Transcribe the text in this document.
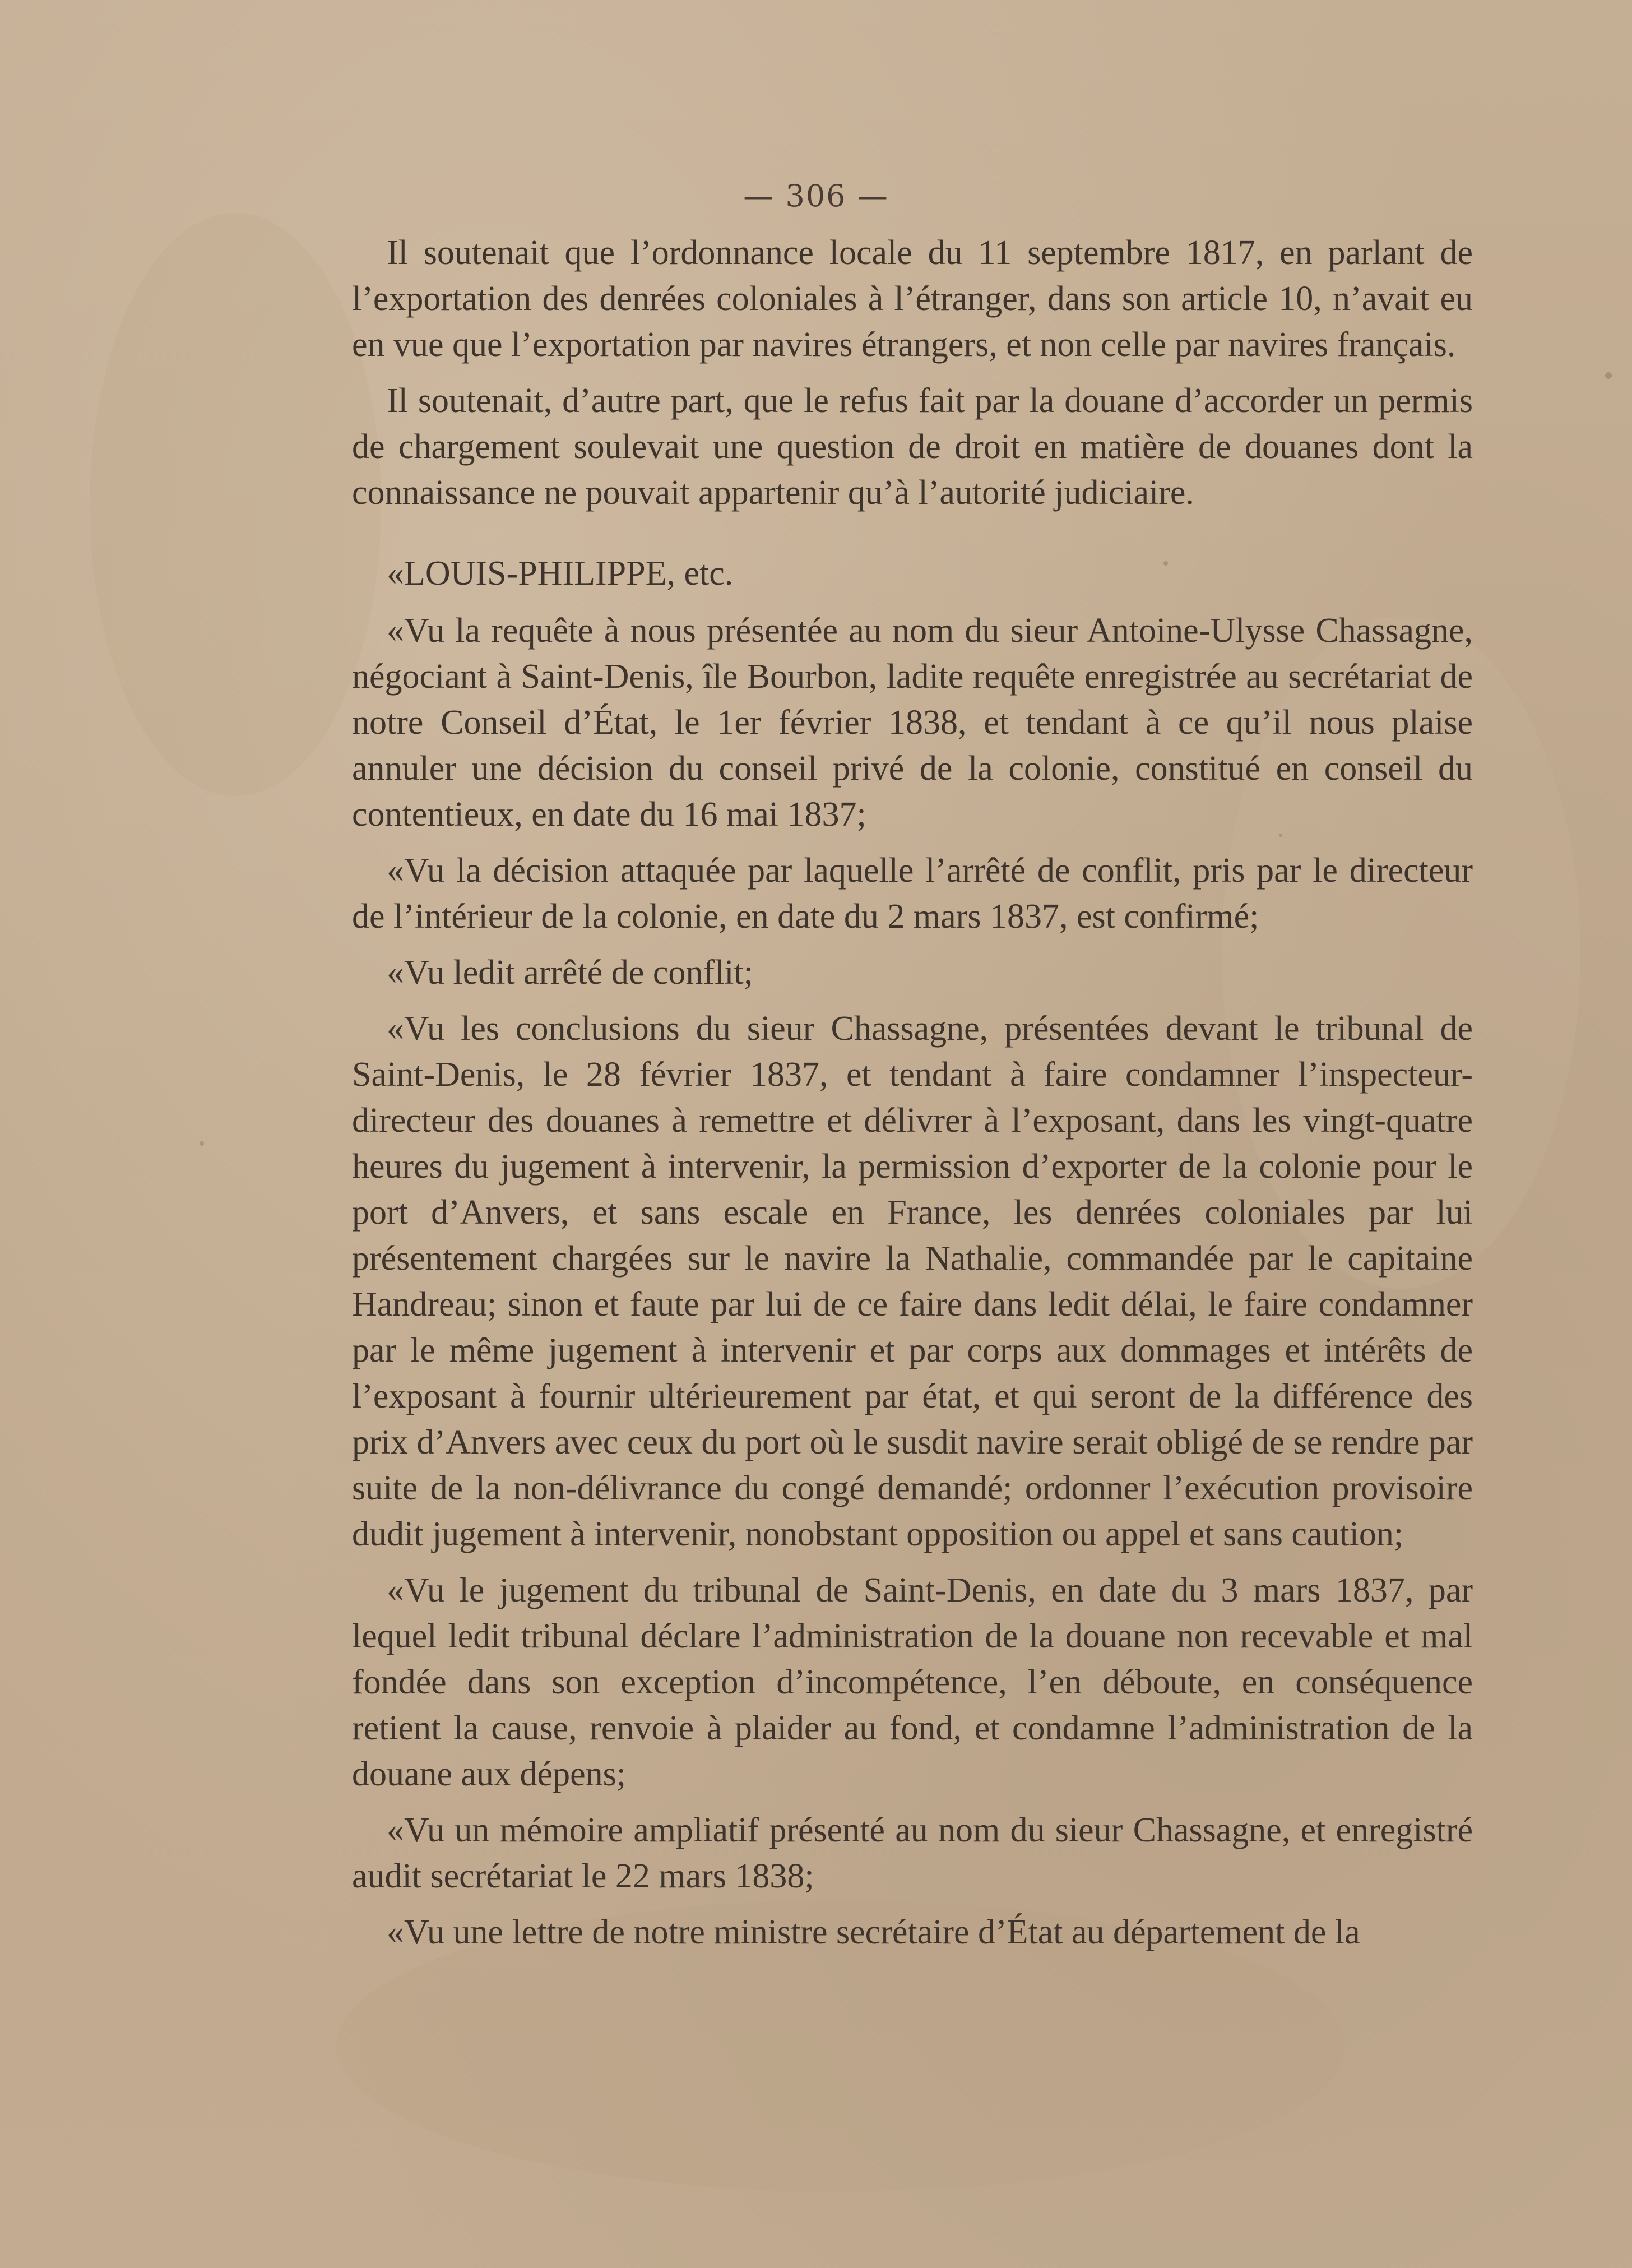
— 306 —

Il soutenait que l’ordonnance locale du 11 septembre 1817, en parlant de l’exportation des denrées coloniales à l’étranger, dans son article 10, n’avait eu en vue que l’exportation par navires étrangers, et non celle par navires français.

Il soutenait, d’autre part, que le refus fait par la douane d’accorder un permis de chargement soulevait une question de droit en matière de douanes dont la connaissance ne pouvait appartenir qu’à l’autorité judiciaire.

«LOUIS-PHILIPPE, etc.

«Vu la requête à nous présentée au nom du sieur Antoine-Ulysse Chassagne, négociant à Saint-Denis, île Bourbon, ladite requête enregistrée au secrétariat de notre Conseil d’État, le 1er février 1838, et tendant à ce qu’il nous plaise annuler une décision du conseil privé de la colonie, constitué en conseil du contentieux, en date du 16 mai 1837;

«Vu la décision attaquée par laquelle l’arrêté de conflit, pris par le directeur de l’intérieur de la colonie, en date du 2 mars 1837, est confirmé;

«Vu ledit arrêté de conflit;

«Vu les conclusions du sieur Chassagne, présentées devant le tribunal de Saint-Denis, le 28 février 1837, et tendant à faire condamner l’inspecteur-directeur des douanes à remettre et délivrer à l’exposant, dans les vingt-quatre heures du jugement à intervenir, la permission d’exporter de la colonie pour le port d’Anvers, et sans escale en France, les denrées coloniales par lui présentement chargées sur le navire la Nathalie, commandée par le capitaine Handreau; sinon et faute par lui de ce faire dans ledit délai, le faire condamner par le même jugement à intervenir et par corps aux dommages et intérêts de l’exposant à fournir ultérieurement par état, et qui seront de la différence des prix d’Anvers avec ceux du port où le susdit navire serait obligé de se rendre par suite de la non-délivrance du congé demandé; ordonner l’exécution provisoire dudit jugement à intervenir, nonobstant opposition ou appel et sans caution;

«Vu le jugement du tribunal de Saint-Denis, en date du 3 mars 1837, par lequel ledit tribunal déclare l’administration de la douane non recevable et mal fondée dans son exception d’incompétence, l’en déboute, en conséquence retient la cause, renvoie à plaider au fond, et condamne l’administration de la douane aux dépens;

«Vu un mémoire ampliatif présenté au nom du sieur Chassagne, et enregistré audit secrétariat le 22 mars 1838;

«Vu une lettre de notre ministre secrétaire d’État au département de la
